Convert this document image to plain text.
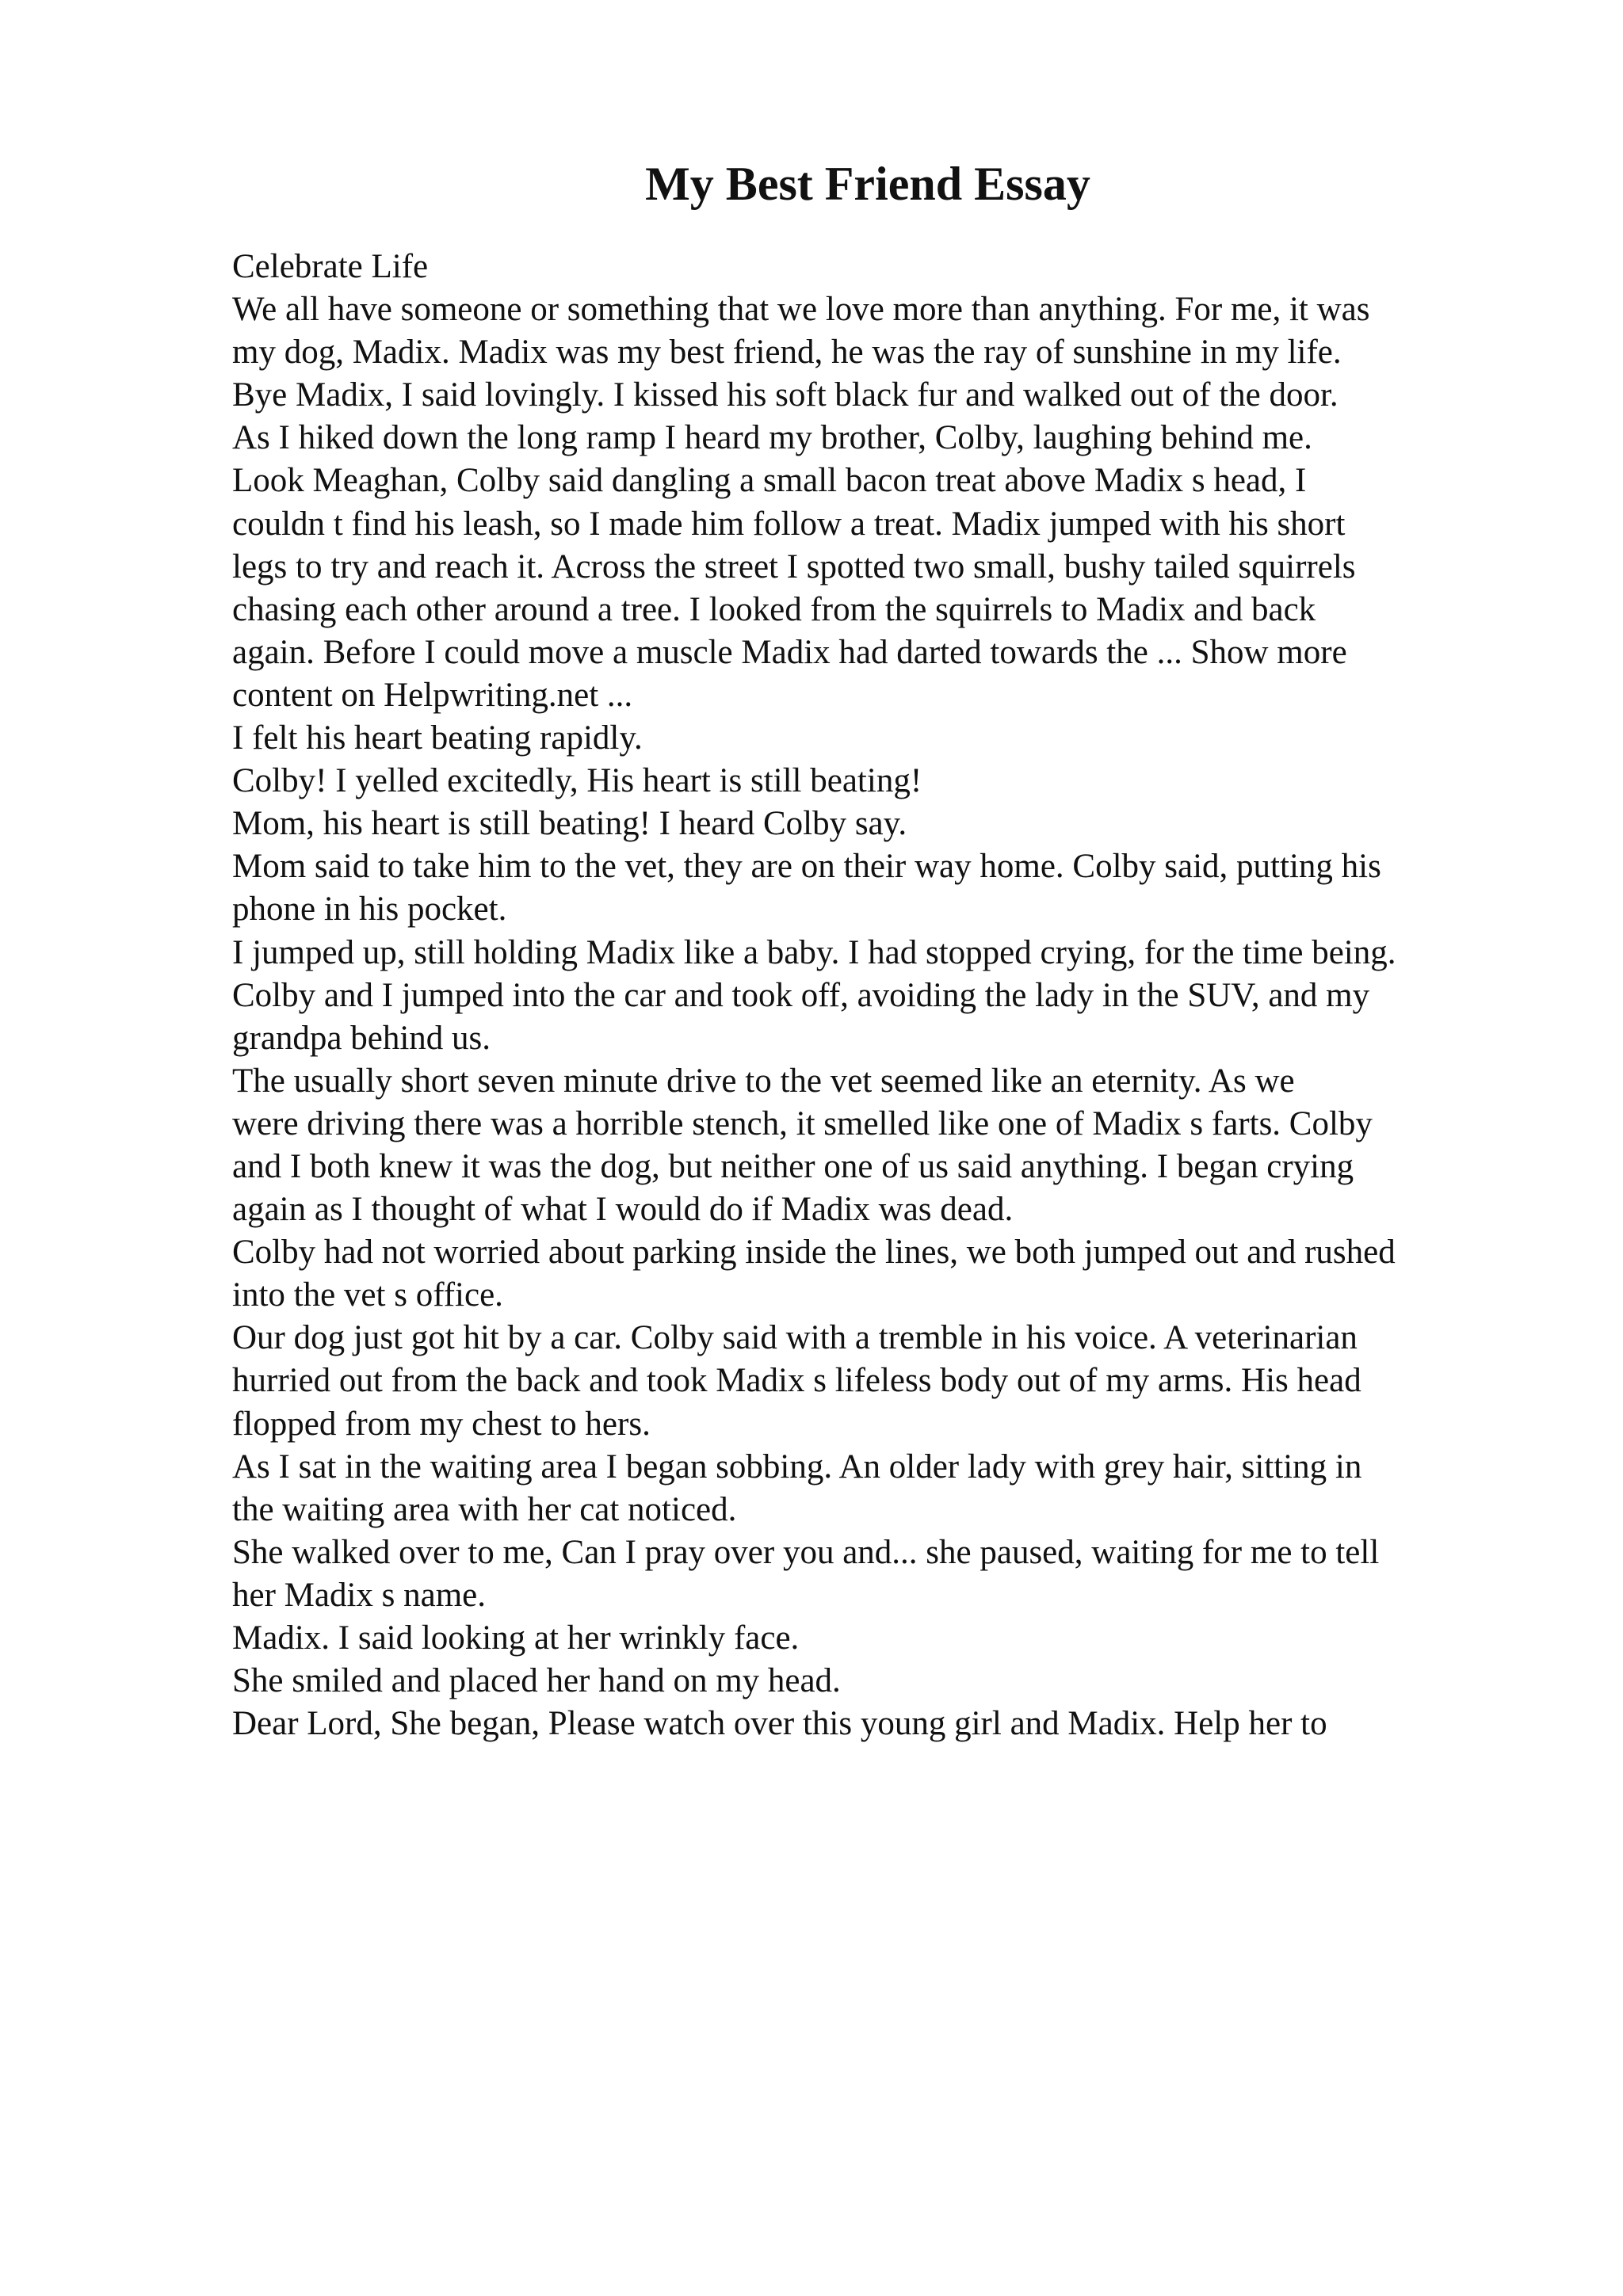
My Best Friend Essay
Celebrate Life
We all have someone or something that we love more than anything. For me, it was
my dog, Madix. Madix was my best friend, he was the ray of sunshine in my life.
Bye Madix, I said lovingly. I kissed his soft black fur and walked out of the door.
As I hiked down the long ramp I heard my brother, Colby, laughing behind me.
Look Meaghan, Colby said dangling a small bacon treat above Madix s head, I
couldn t find his leash, so I made him follow a treat. Madix jumped with his short
legs to try and reach it. Across the street I spotted two small, bushy tailed squirrels
chasing each other around a tree. I looked from the squirrels to Madix and back
again. Before I could move a muscle Madix had darted towards the ... Show more
content on Helpwriting.net ...
I felt his heart beating rapidly.
Colby! I yelled excitedly, His heart is still beating!
Mom, his heart is still beating! I heard Colby say.
Mom said to take him to the vet, they are on their way home. Colby said, putting his
phone in his pocket.
I jumped up, still holding Madix like a baby. I had stopped crying, for the time being.
Colby and I jumped into the car and took off, avoiding the lady in the SUV, and my
grandpa behind us.
The usually short seven minute drive to the vet seemed like an eternity. As we
were driving there was a horrible stench, it smelled like one of Madix s farts. Colby
and I both knew it was the dog, but neither one of us said anything. I began crying
again as I thought of what I would do if Madix was dead.
Colby had not worried about parking inside the lines, we both jumped out and rushed
into the vet s office.
Our dog just got hit by a car. Colby said with a tremble in his voice. A veterinarian
hurried out from the back and took Madix s lifeless body out of my arms. His head
flopped from my chest to hers.
As I sat in the waiting area I began sobbing. An older lady with grey hair, sitting in
the waiting area with her cat noticed.
She walked over to me, Can I pray over you and... she paused, waiting for me to tell
her Madix s name.
Madix. I said looking at her wrinkly face.
She smiled and placed her hand on my head.
Dear Lord, She began, Please watch over this young girl and Madix. Help her to
